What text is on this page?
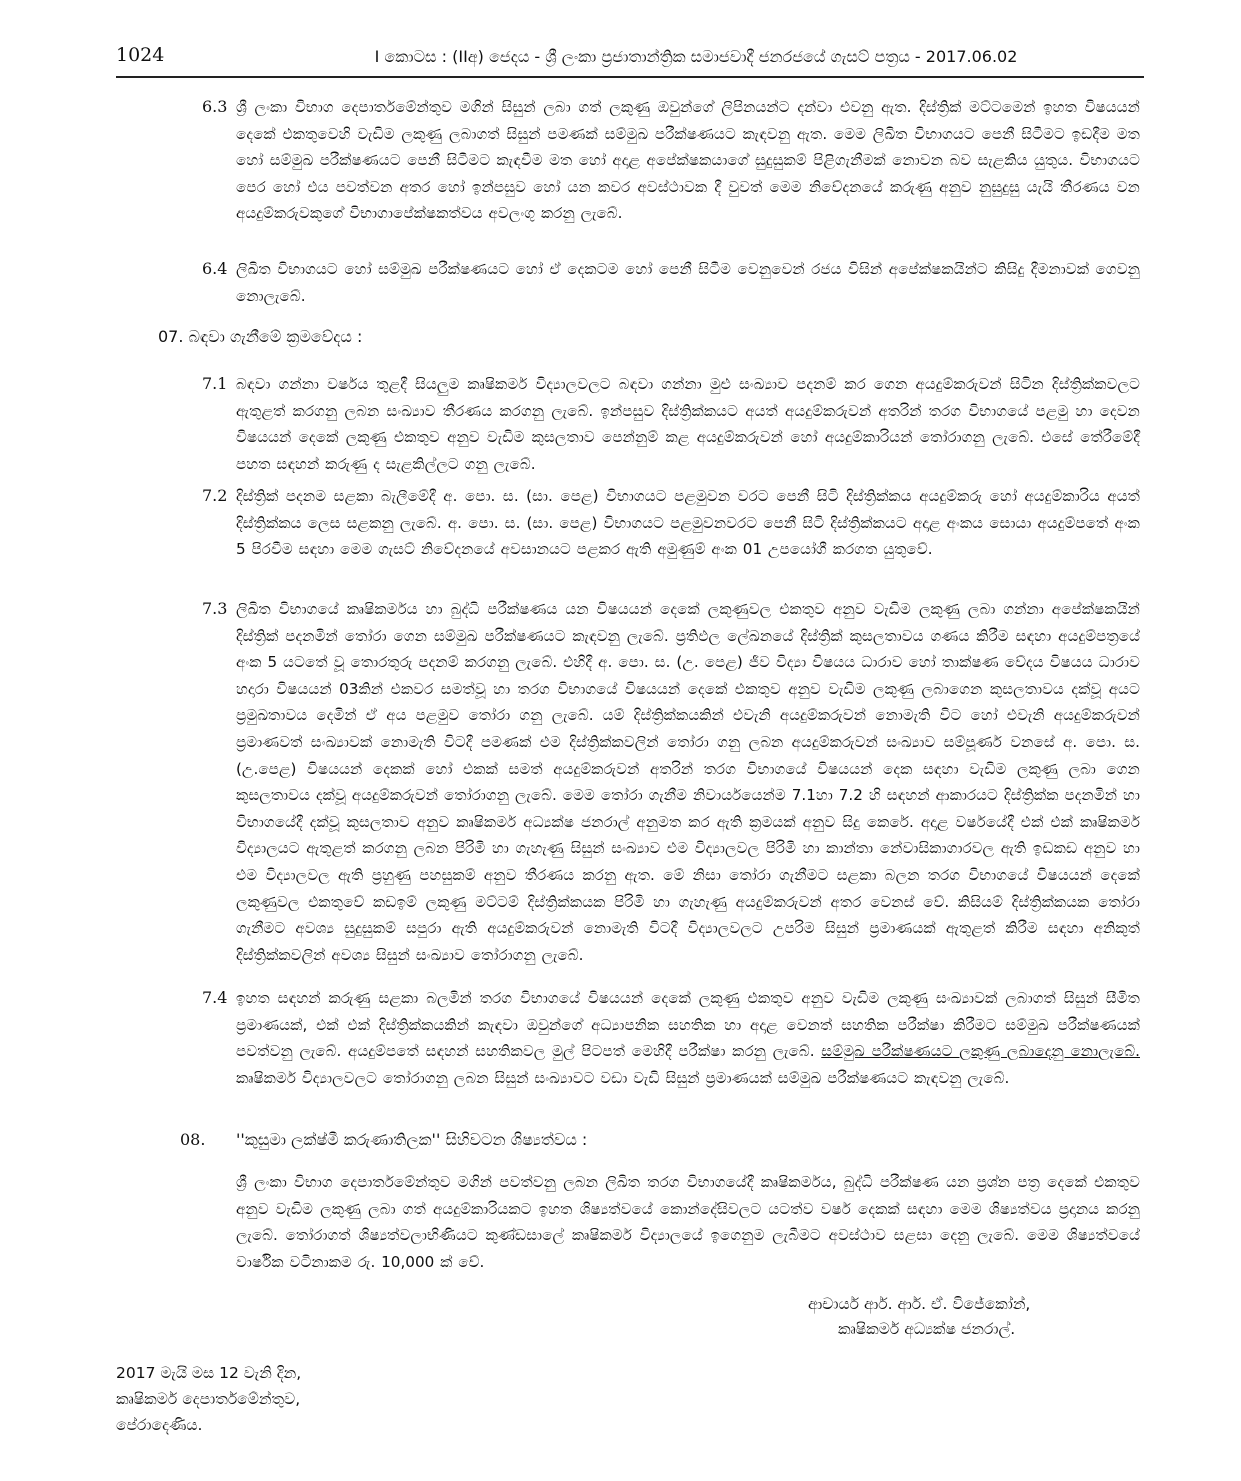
1024	I කොටස : (IIඅ) ජෙදය - ශ්‍රී ලංකා ප්‍රජාතාන්ත්‍රික සමාජවාදී ජනරජයේ ගැසට් පත්‍රය - 2017.06.02
6.3 ශ්‍රී ලංකා විභාග දෙපාර්තමේන්තුව මගින් සිසුන් ලබා ගත් ලකුණු ඔවුන්ගේ ලිපිනයන්ට දන්වා එවනු ඇත. දිස්ත්‍රික් මට්ටමෙන් ඉහත විෂයයන් දෙකේ එකතුවෙහි වැඩිම ලකුණු ලබාගත් සිසුන් පමණක් සම්මුඛ පරීක්ෂණයට කැඳවනු ඇත. මෙම ලිඛිත විභාගයට පෙනී සිටීමට ඉඩදීම මත හෝ සම්මුඛ පරීක්ෂණයට පෙනී සිටීමට කැඳවීම මත හෝ අදාළ අපේක්ෂකයාගේ සුදුසුකම් පිළිගැනීමක් නොවන බව සැළකිය යුතුය. විභාගයට පෙර හෝ එය පවත්වන අතර හෝ ඉන්පසුව හෝ යන කවර අවස්ථාවක දී වුවත් මෙම නිවේදනයේ කරුණු අනුව නුසුදුසු යැයි තීරණය වන අයදුම්කරුවකුගේ විභාගාපේක්ෂකත්වය අවලංගු කරනු ලැබේ.
6.4 ලිඛිත විභාගයට හෝ සම්මුඛ පරීක්ෂණයට හෝ ඒ දෙකටම හෝ පෙනී සිටීම වෙනුවෙන් රජය විසින් අපේක්ෂකයින්ට කිසිදු දීමනාවක් ගෙවනු නොලැබේ.
07. බඳවා ගැනීමේ ක්‍රමවේදය :
7.1 බඳවා ගන්නා වර්ෂය තුළදී සියලුම කෘෂිකර්ම විද්‍යාලවලට බඳවා ගන්නා මුළු සංඛ්‍යාව පදනම් කර ගෙන අයදුම්කරුවන් සිටින දිස්ත්‍රික්කවලට ඇතුළත් කරගනු ලබන සංඛ්‍යාව තීරණය කරගනු ලැබේ. ඉන්පසුව දිස්ත්‍රික්කයට අයත් අයදුම්කරුවන් අතරින් තරග විභාගයේ පළමු හා දෙවන විෂයයන් දෙකේ ලකුණු එකතුව අනුව වැඩිම කුසලතාව පෙන්නුම් කළ අයදුම්කරුවන් හෝ අයදුම්කාරියන් තෝරාගනු ලැබේ. එසේ තේරීමේදී පහත සඳහන් කරුණු ද සැළකිල්ලට ගනු ලැබේ.
7.2 දිස්ත්‍රික් පදනම සළකා බැලීමේදී අ. පො. ස. (සා. පෙළ) විභාගයට පළමුවන වරට පෙනී සිටි දිස්ත්‍රික්කය අයදුම්කරු හෝ අයදුම්කාරිය අයත් දිස්ත්‍රික්කය ලෙස සළකනු ලැබේ. අ. පො. ස. (සා. පෙළ) විභාගයට පළමුවනවරට පෙනී සිටි දිස්ත්‍රික්කයට අදාළ අංකය සොයා අයදුම්පතේ අංක 5 පිරවීම සඳහා මෙම ගැසට් නිවේදනයේ අවසානයට පළකර ඇති අමුණුම් අංක 01 උපයෝගී කරගත යුතුවේ.
7.3 ලිඛිත විභාගයේ කෘෂිකර්මය හා බුද්ධි පරීක්ෂණය යන විෂයයන් දෙකේ ලකුණුවල එකතුව අනුව වැඩිම ලකුණු ලබා ගන්නා අපේක්ෂකයින් දිස්ත්‍රික් පදනමින් තෝරා ගෙන සම්මුඛ පරීක්ෂණයට කැඳවනු ලැබේ. ප්‍රතිඵල ලේඛනයේ දිස්ත්‍රික් කුසලතාවය ගණය කිරීම සඳහා අයදුම්පත්‍රයේ අංක 5 යටතේ වූ තොරතුරු පදනම් කරගනු ලැබේ. එහිදී අ. පො. ස. (උ. පෙළ) ජීව විද්‍යා විෂයය ධාරාව හෝ තාක්ෂණ වේදය විෂයය ධාරාව හදාරා විෂයයන් 03කින් එකවර සමත්වූ හා තරග විභාගයේ විෂයයන් දෙකේ එකතුව අනුව වැඩිම ලකුණු ලබාගෙන කුසලතාවය දක්වූ අයට ප්‍රමුඛතාවය දෙමින් ඒ අය පළමුව තෝරා ගනු ලැබේ. යම් දිස්ත්‍රික්කයකින් එවැනි අයදුම්කරුවන් නොමැති විට හෝ එවැනි අයදුම්කරුවන් ප්‍රමාණවත් සංඛ්‍යාවක් නොමැති විටදී පමණක් එම දිස්ත්‍රික්කවලින් තෝරා ගනු ලබන අයදුම්කරුවන් සංඛ්‍යාව සම්පූර්ණ වනසේ අ. පො. ස. (උ.පෙළ) විෂයයන් දෙකක් හෝ එකක් සමත් අයදුම්කරුවන් අතරින් තරග විභාගයේ විෂයයන් දෙක සඳහා වැඩිම ලකුණු ලබා ගෙන කුසලතාවය දක්වූ අයදුම්කරුවන් තෝරාගනු ලැබේ. මෙම තෝරා ගැනීම නිවාර්යයෙන්ම 7.1හා 7.2 හි සඳහන් ආකාරයට දිස්ත්‍රික්ක පදනමින් හා විභාගයේදී දක්වූ කුසලතාව අනුව කෘෂිකර්ම අධ්‍යක්ෂ ජනරාල් අනුමත කර ඇති ක්‍රමයක් අනුව සිදු කෙරේ. අදාළ වර්ෂයේදී එක් එක් කෘෂිකර්ම විද්‍යාලයට ඇතුළත් කරගනු ලබන පිරිමි හා ගැහැණු සිසුන් සංඛ්‍යාව එම විද්‍යාලවල පිරිමි හා කාන්තා නේවාසිකාගාරවල ඇති ඉඩකඩ අනුව හා එම විද්‍යාලවල ඇති ප්‍රහුණු පහසුකම් අනුව තීරණය කරනු ඇත. මේ නිසා තෝරා ගැනීමට සළකා බලන තරග විභාගයේ විෂයයන් දෙකේ ලකුණුවල එකතුවේ කඩඉම් ලකුණු මට්ටම් දිස්ත්‍රික්කයක පිරිමි හා ගැහැණු අයදුම්කරුවන් අතර වෙනස් වේ. කිසියම් දිස්ත්‍රික්කයක තෝරා ගැනීමට අවශ්‍ය සුදුසුකම් සපුරා ඇති අයදුම්කරුවන් නොමැති විටදී විද්‍යාලවලට උපරිම සිසුන් ප්‍රමාණයක් ඇතුළත් කිරීම සඳහා අනිකුත් දිස්ත්‍රික්කවලින් අවශ්‍ය සිසුන් සංඛ්‍යාව තෝරාගනු ලැබේ.
7.4 ඉහත සඳහන් කරුණු සළකා බලමින් තරග විභාගයේ විෂයයන් දෙකේ ලකුණු එකතුව අනුව වැඩිම ලකුණු සංඛ්‍යාවක් ලබාගත් සිසුන් සීමිත ප්‍රමාණයක්, එක් එක් දිස්ත්‍රික්කයකින් කැඳවා ඔවුන්ගේ අධ්‍යාපනික සහතික හා අදාළ වෙනත් සහතික පරීක්ෂා කිරීමට සම්මුඛ පරීක්ෂණයක් පවත්වනු ලැබේ. අයදුම්පතේ සඳහන් සහතිකවල මුල් පිටපත් මෙහිදී පරීක්ෂා කරනු ලැබේ. සම්මුඛ පරීක්ෂණයට ලකුණු ලබාදෙනු නොලැබේ. කෘෂිකර්ම විද්‍යාලවලට තෝරාගනු ලබන සිසුන් සංඛ්‍යාවට වඩා වැඩි සිසුන් ප්‍රමාණයක් සම්මුඛ පරීක්ෂණයට කැඳවනු ලැබේ.
08. ''කුසුමා ලක්ෂ්මී කරුණාතිලක'' සිහිවටන ශිෂ්‍යත්වය :
ශ්‍රී ලංකා විභාග දෙපාර්තමේන්තුව මගින් පවත්වනු ලබන ලිඛිත තරග විභාගයේදී කෘෂිකර්මය, බුද්ධි පරීක්ෂණ යන ප්‍රශ්න පත්‍ර දෙකේ එකතුව අනුව වැඩිම ලකුණු ලබා ගත් අයදුම්කාරියකට ඉහත ශිෂ්‍යත්වයේ කොන්දේසිවලට යටත්ව වර්ෂ දෙකක් සඳහා මෙම ශිෂ්‍යත්වය ප්‍රදානය කරනු ලැබේ. තෝරාගත් ශිෂ්‍යත්වලාභිණියට කුණ්ඩසාලේ කෘෂිකර්ම විද්‍යාලයේ ඉගෙනුම ලැබීමට අවස්ථාව සළසා දෙනු ලැබේ. මෙම ශිෂ්‍යත්වයේ වාර්ෂික වටිනාකම රු. 10,000 ක් වේ.
ආචාර්ය ආර්. ආර්. ඒ. විජේකෝන්,
කෘෂිකර්ම අධ්‍යක්ෂ ජනරාල්.
2017 මැයි මස 12 වැනි දින,
කෘෂිකර්ම දෙපාර්තමේන්තුව,
පේරාදෙණිය.
